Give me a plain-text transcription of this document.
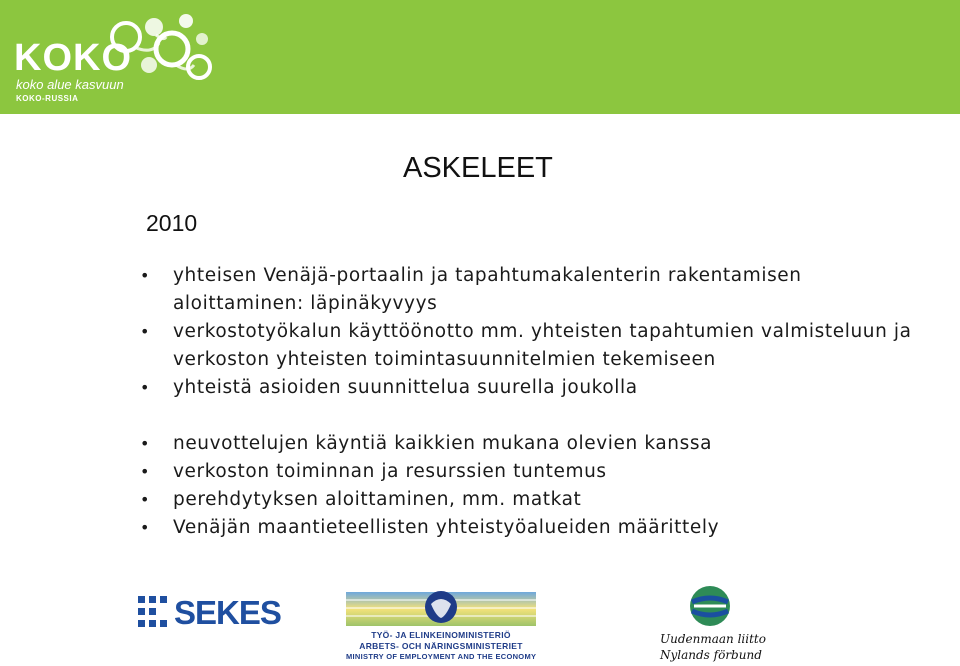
KOKO
koko alue kasvuun
KOKO-RUSSIA
ASKELEET
2010
• yhteisen Venäjä-portaalin ja tapahtumakalenterin rakentamisen aloittaminen: läpinäkyvyys
• verkostotyökalun käyttöönotto mm. yhteisten tapahtumien valmisteluun ja verkoston yhteisten toimintasuunnitelmien tekemiseen
• yhteistä asioiden suunnittelua suurella joukolla
• neuvottelujen käyntiä kaikkien mukana olevien kanssa
• verkoston toiminnan ja resurssien tuntemus
• perehdytyksen aloittaminen, mm. matkat
• Venäjän maantieteellisten yhteistyöalueiden määrittely
SEKES
TYÖ- JA ELINKEINOMINISTERIÖ
ARBETS- OCH NÄRINGSMINISTERIET
MINISTRY OF EMPLOYMENT AND THE ECONOMY
Uudenmaan liitto
Nylands förbund
